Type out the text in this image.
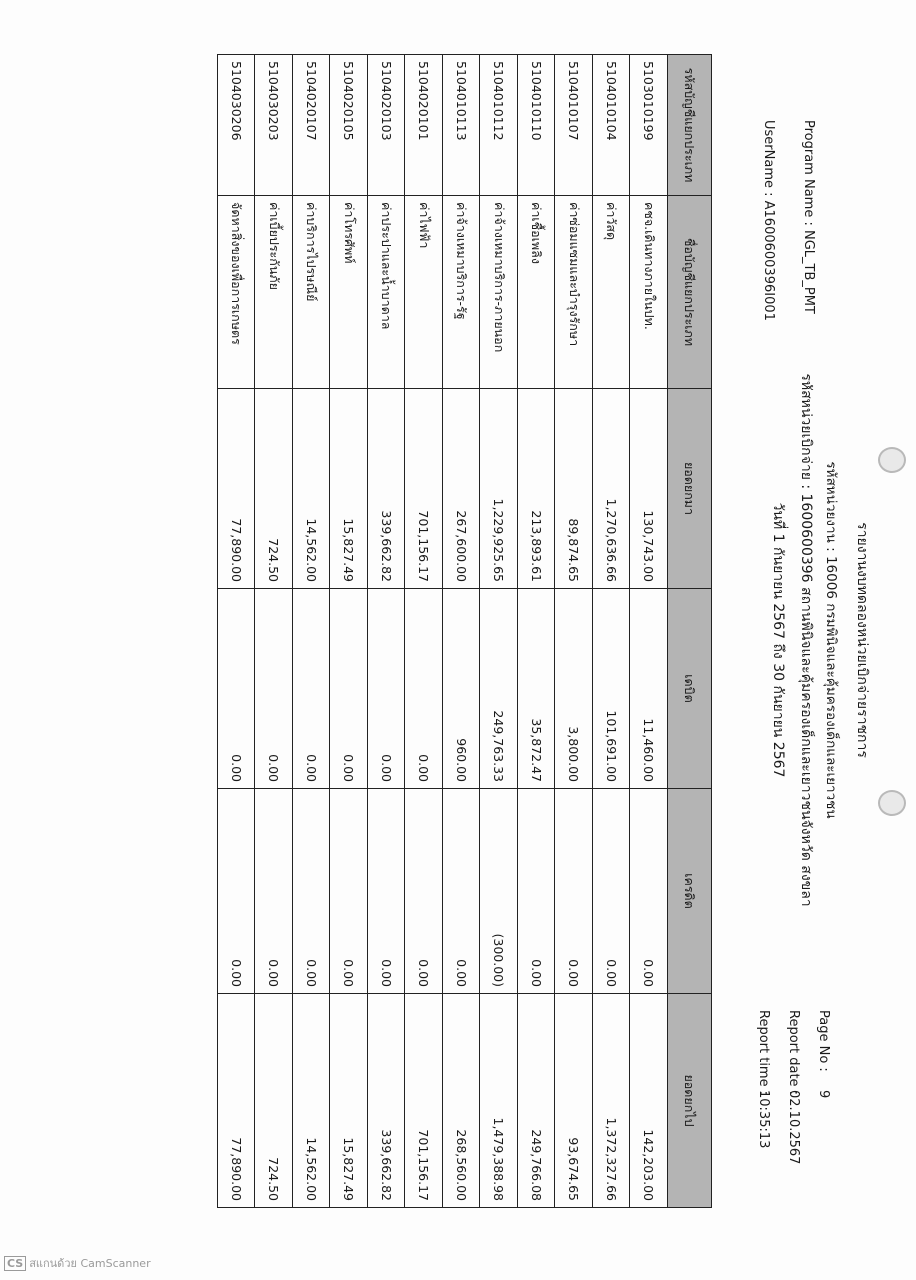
รายงานงบทดลองหน่วยเบิกจ่ายราชการ
รหัสหน่วยงาน : 16006 กรมพินิจและคุ้มครองเด็กและเยาวชน
รหัสหน่วยเบิกจ่าย : 1600600396 สถานพินิจและคุ้มครองเด็กและเยาวชนจังหวัด สงขลา
วันที่ 1 กันยายน 2567 ถึง 30 กันยายน 2567
Program Name : NGL_TB_PMT
UserName : A1600600396I001
Page No :
9
Report date :
02.10.2567
Report time :
10:35:13
รหัสบัญชีแยกประเภท	ชื่อบัญชีแยกประเภท	ยอดยกมา	เดบิต	เครดิต	ยอดยกไป
5103010199	คชจ.เดินทางภายในปท.	130,743.00	11,460.00	0.00	142,203.00
5104010104	ค่าวัสดุ	1,270,636.66	101,691.00	0.00	1,372,327.66
5104010107	ค่าซ่อมแซมและบำรุงรักษา	89,874.65	3,800.00	0.00	93,674.65
5104010110	ค่าเชื้อเพลิง	213,893.61	35,872.47	0.00	249,766.08
5104010112	ค่าจ้างเหมาบริการ-ภายนอก	1,229,925.65	249,763.33	(300.00)	1,479,388.98
5104010113	ค่าจ้างเหมาบริการ-รัฐ	267,600.00	960.00	0.00	268,560.00
5104020101	ค่าไฟฟ้า	701,156.17	0.00	0.00	701,156.17
5104020103	ค่าประปาและน้ำบาดาล	339,662.82	0.00	0.00	339,662.82
5104020105	ค่าโทรศัพท์	15,827.49	0.00	0.00	15,827.49
5104020107	ค่าบริการไปรษณีย์	14,562.00	0.00	0.00	14,562.00
5104030203	ค่าเบี้ยประกันภัย	724.50	0.00	0.00	724.50
5104030206	จัดหาสิ่งของเพื่อการเกษตร	77,890.00	0.00	0.00	77,890.00
CS สแกนด้วย CamScanner
